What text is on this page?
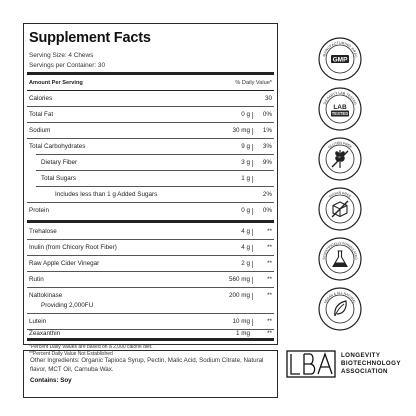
Supplement Facts
Serving Size: 4 Chews
Servings per Container: 30
Amount Per Serving	% Daily Value*
Calories	30
Total Fat	0 g 0%
Sodium	30 mg 1%
Total Carbohydrates	9 g 3%
Dietary Fiber	3 g 9%
Total Sugars	1 g
Includes less than 1 g Added Sugars	2%
Protein	0 g 0%
Trehalose	4 g	**
Inulin (from Chicory Root Fiber)	4 g	**
Raw Apple Cider Vinegar	2 g	**
Rutin	560 mg	**
Nattokinase	200 mg	**
Providing 2,000FU
Lutein	10 mg	**
Zeaxanthin	1 mg	**
*Percent Daily Values are based on a 2,000 calorie diet.
**Percent Daily Value Not Established
Other Ingredients: Organic Tapioca Syrup, Pectin, Malic Acid, Sodium Citrate, Natural flavor, MCT Oil, Carnuba Wax.
Contains: Soy
MANUFACTURING PRAC
GMP
3rd PARTY LAB TESTED
LAB
TESTED
GLUTEN FREE
SUGAR FREE
SCIENTIFICALLY FORMULATED
VEGAN & ALL NATURAL
LONGEVITY
BIOTECHNOLOGY
ASSOCIATION
